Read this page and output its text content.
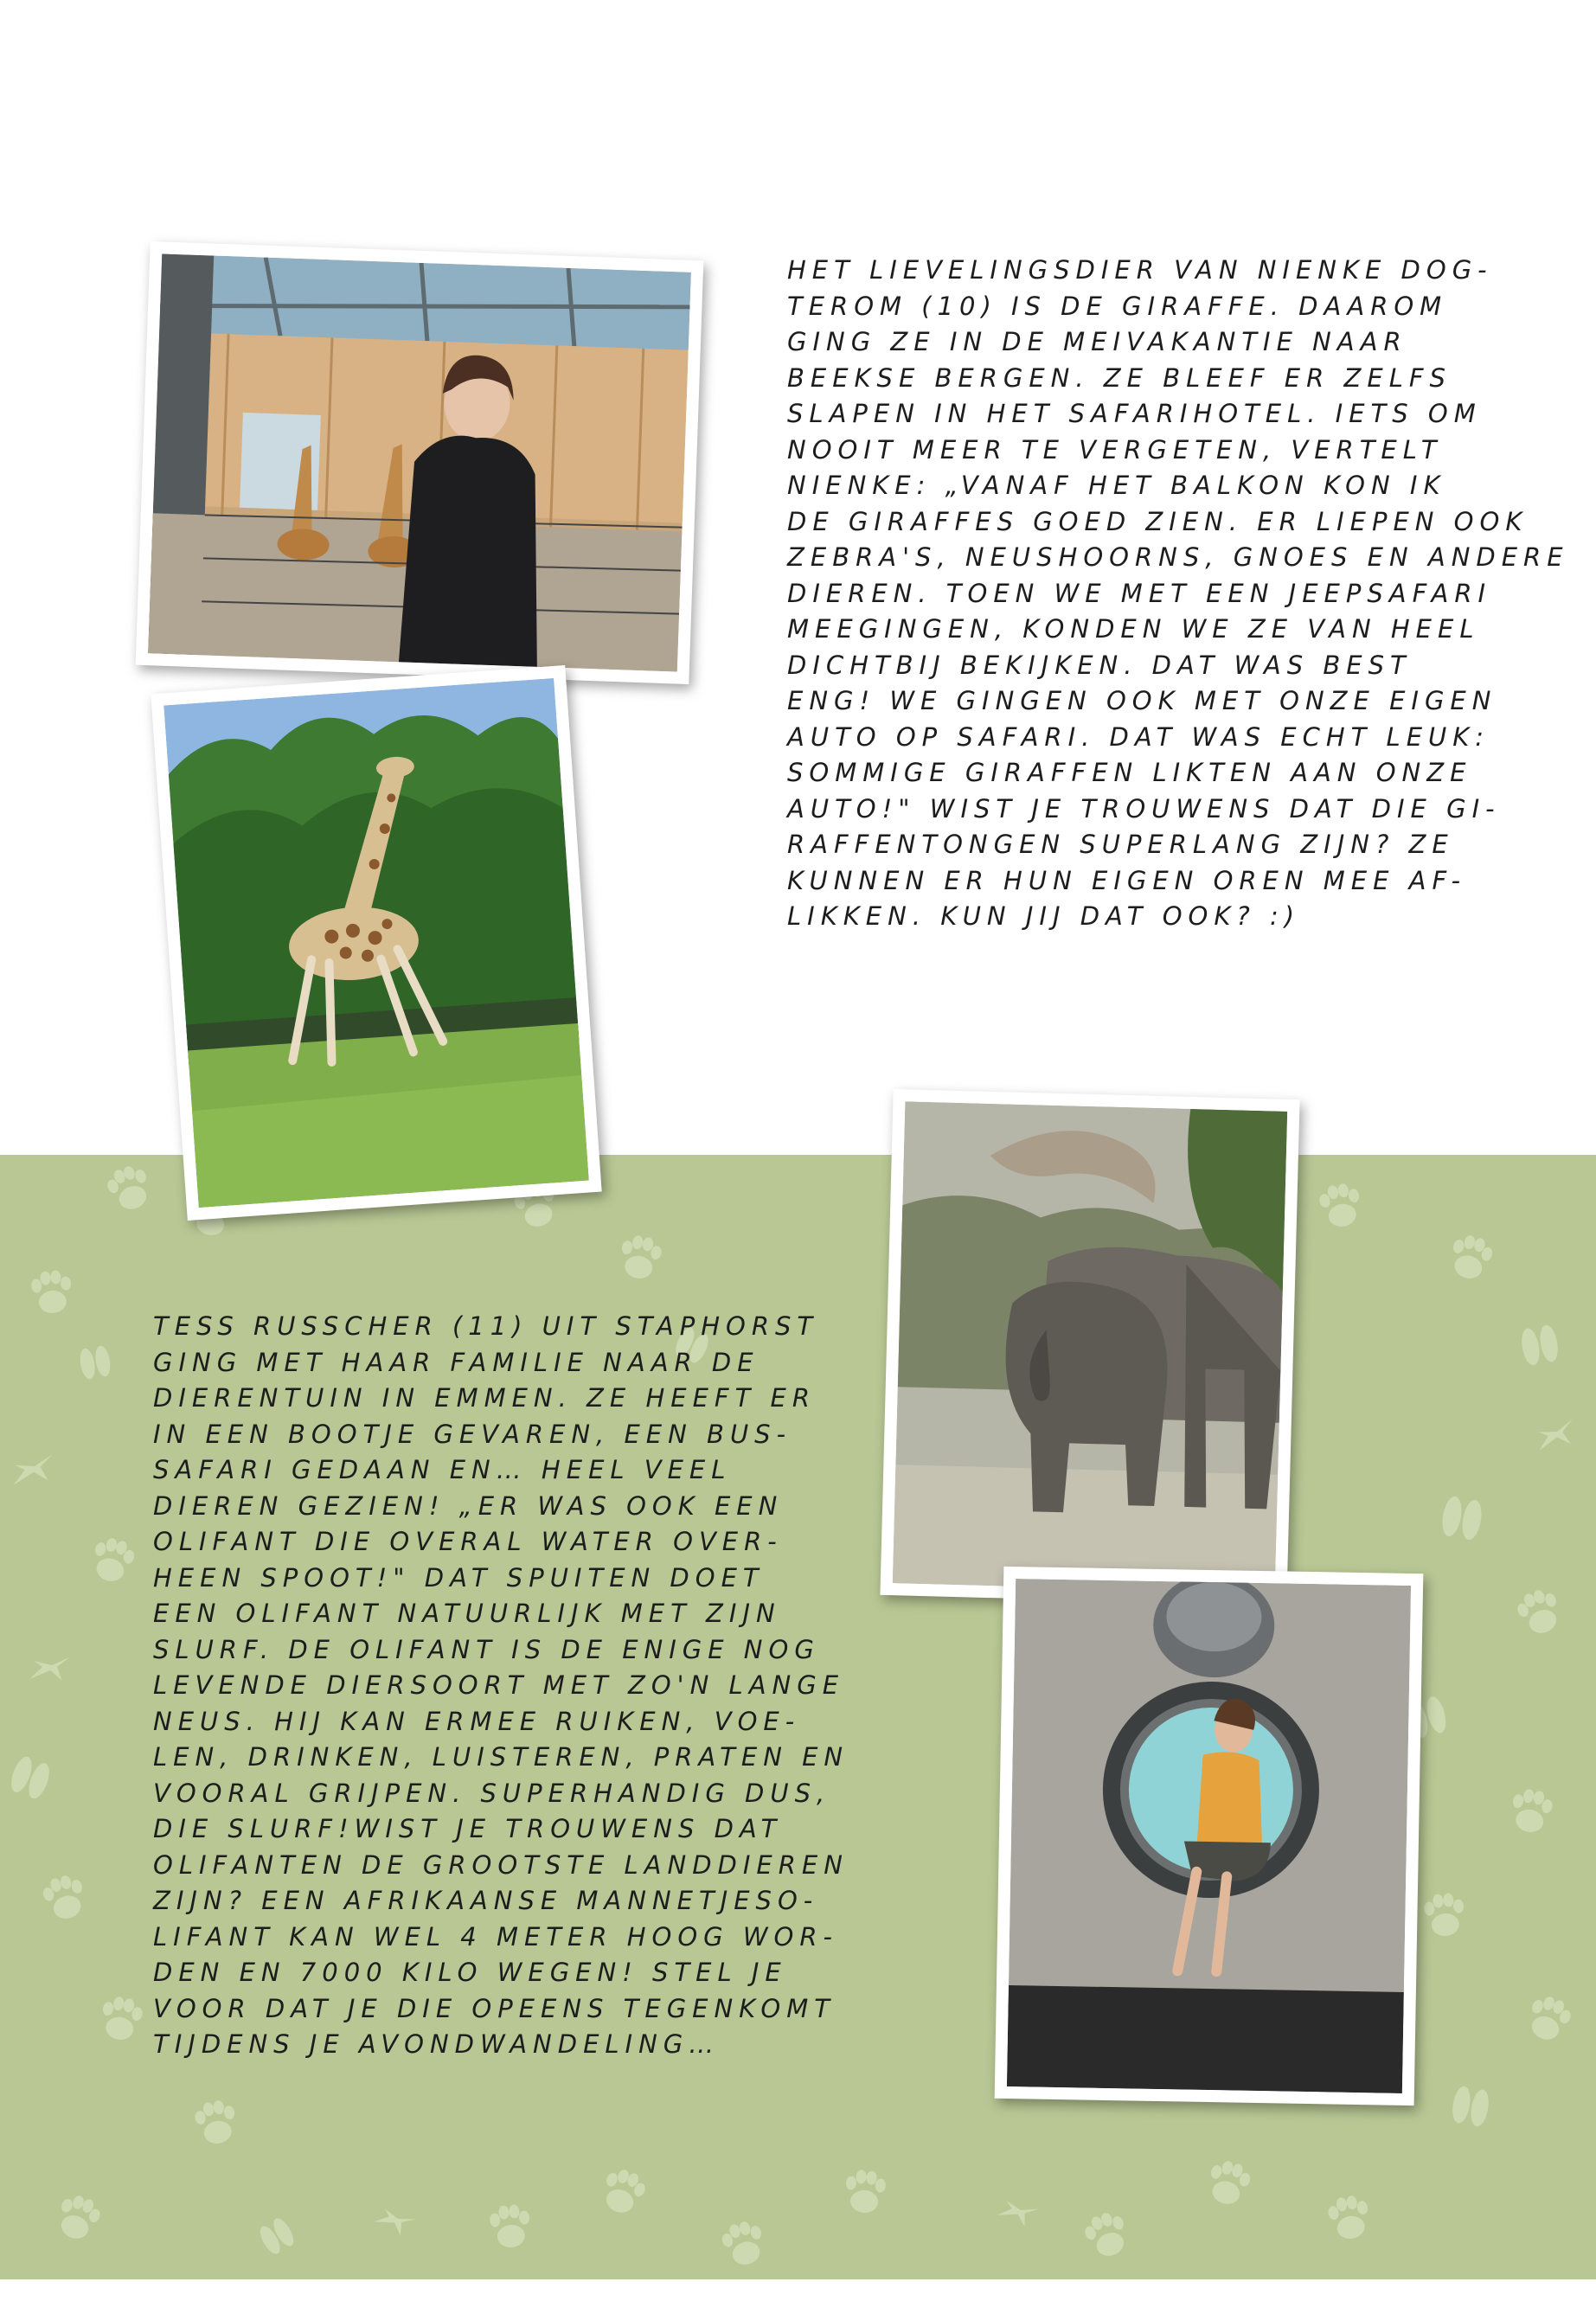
HET LIEVELINGSDIER VAN NIENKE DOG-
TEROM (10) IS DE GIRAFFE. DAAROM
GING ZE IN DE MEIVAKANTIE NAAR
BEEKSE BERGEN. ZE BLEEF ER ZELFS
SLAPEN IN HET SAFARIHOTEL. IETS OM
NOOIT MEER TE VERGETEN, VERTELT
NIENKE: „VANAF HET BALKON KON IK
DE GIRAFFES GOED ZIEN. ER LIEPEN OOK
ZEBRA'S, NEUSHOORNS, GNOES EN ANDERE
DIEREN. TOEN WE MET EEN JEEPSAFARI
MEEGINGEN, KONDEN WE ZE VAN HEEL
DICHTBIJ BEKIJKEN. DAT WAS BEST
ENG! WE GINGEN OOK MET ONZE EIGEN
AUTO OP SAFARI. DAT WAS ECHT LEUK:
SOMMIGE GIRAFFEN LIKTEN AAN ONZE
AUTO!" WIST JE TROUWENS DAT DIE GI-
RAFFENTONGEN SUPERLANG ZIJN? ZE
KUNNEN ER HUN EIGEN OREN MEE AF-
LIKKEN. KUN JIJ DAT OOK? :)
TESS RUSSCHER (11) UIT STAPHORST
GING MET HAAR FAMILIE NAAR DE
DIERENTUIN IN EMMEN. ZE HEEFT ER
IN EEN BOOTJE GEVAREN, EEN BUS-
SAFARI GEDAAN EN… HEEL VEEL
DIEREN GEZIEN! „ER WAS OOK EEN
OLIFANT DIE OVERAL WATER OVER-
HEEN SPOOT!" DAT SPUITEN DOET
EEN OLIFANT NATUURLIJK MET ZIJN
SLURF. DE OLIFANT IS DE ENIGE NOG
LEVENDE DIERSOORT MET ZO'N LANGE
NEUS. HIJ KAN ERMEE RUIKEN, VOE-
LEN, DRINKEN, LUISTEREN, PRATEN EN
VOORAL GRIJPEN. SUPERHANDIG DUS,
DIE SLURF!WIST JE TROUWENS DAT
OLIFANTEN DE GROOTSTE LANDDIEREN
ZIJN? EEN AFRIKAANSE MANNETJESO-
LIFANT KAN WEL 4 METER HOOG WOR-
DEN EN 7000 KILO WEGEN! STEL JE
VOOR DAT JE DIE OPEENS TEGENKOMT
TIJDENS JE AVONDWANDELING…
